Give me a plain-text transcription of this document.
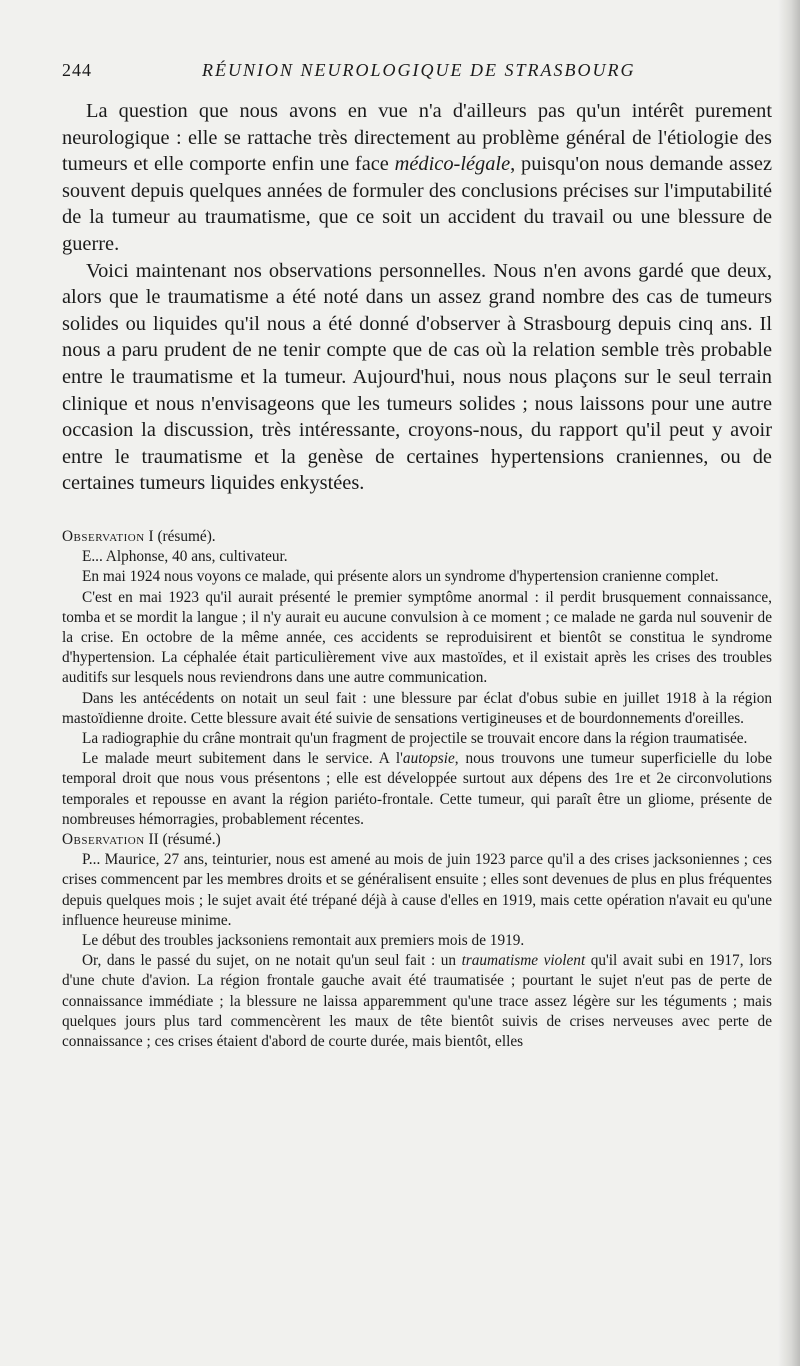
244	RÉUNION NEUROLOGIQUE DE STRASBOURG

La question que nous avons en vue n'a d'ailleurs pas qu'un intérêt purement neurologique : elle se rattache très directement au problème général de l'étiologie des tumeurs et elle comporte enfin une face médico-légale, puisqu'on nous demande assez souvent depuis quelques années de formuler des conclusions précises sur l'imputabilité de la tumeur au traumatisme, que ce soit un accident du travail ou une blessure de guerre.

Voici maintenant nos observations personnelles. Nous n'en avons gardé que deux, alors que le traumatisme a été noté dans un assez grand nombre des cas de tumeurs solides ou liquides qu'il nous a été donné d'observer à Strasbourg depuis cinq ans. Il nous a paru prudent de ne tenir compte que de cas où la relation semble très probable entre le traumatisme et la tumeur. Aujourd'hui, nous nous plaçons sur le seul terrain clinique et nous n'envisageons que les tumeurs solides ; nous laissons pour une autre occasion la discussion, très intéressante, croyons-nous, du rapport qu'il peut y avoir entre le traumatisme et la genèse de certaines hypertensions craniennes, ou de certaines tumeurs liquides enkystées.

Observation I (résumé).

E... Alphonse, 40 ans, cultivateur.

En mai 1924 nous voyons ce malade, qui présente alors un syndrome d'hypertension cranienne complet.

C'est en mai 1923 qu'il aurait présenté le premier symptôme anormal : il perdit brusquement connaissance, tomba et se mordit la langue ; il n'y aurait eu aucune convulsion à ce moment ; ce malade ne garda nul souvenir de la crise. En octobre de la même année, ces accidents se reproduisirent et bientôt se constitua le syndrome d'hypertension. La céphalée était particulièrement vive aux mastoïdes, et il existait après les crises des troubles auditifs sur lesquels nous reviendrons dans une autre communication.

Dans les antécédents on notait un seul fait : une blessure par éclat d'obus subie en juillet 1918 à la région mastoïdienne droite. Cette blessure avait été suivie de sensations vertigineuses et de bourdonnements d'oreilles.

La radiographie du crâne montrait qu'un fragment de projectile se trouvait encore dans la région traumatisée.

Le malade meurt subitement dans le service. A l'autopsie, nous trouvons une tumeur superficielle du lobe temporal droit que nous vous présentons ; elle est développée surtout aux dépens des 1re et 2e circonvolutions temporales et repousse en avant la région pariéto-frontale. Cette tumeur, qui paraît être un gliome, présente de nombreuses hémorragies, probablement récentes.

Observation II (résumé.)

P... Maurice, 27 ans, teinturier, nous est amené au mois de juin 1923 parce qu'il a des crises jacksoniennes ; ces crises commencent par les membres droits et se généralisent ensuite ; elles sont devenues de plus en plus fréquentes depuis quelques mois ; le sujet avait été trépané déjà à cause d'elles en 1919, mais cette opération n'avait eu qu'une influence heureuse minime.

Le début des troubles jacksoniens remontait aux premiers mois de 1919.

Or, dans le passé du sujet, on ne notait qu'un seul fait : un traumatisme violent qu'il avait subi en 1917, lors d'une chute d'avion. La région frontale gauche avait été traumatisée ; pourtant le sujet n'eut pas de perte de connaissance immédiate ; la blessure ne laissa apparemment qu'une trace assez légère sur les téguments ; mais quelques jours plus tard commencèrent les maux de tête bientôt suivis de crises nerveuses avec perte de connaissance ; ces crises étaient d'abord de courte durée, mais bientôt, elles
